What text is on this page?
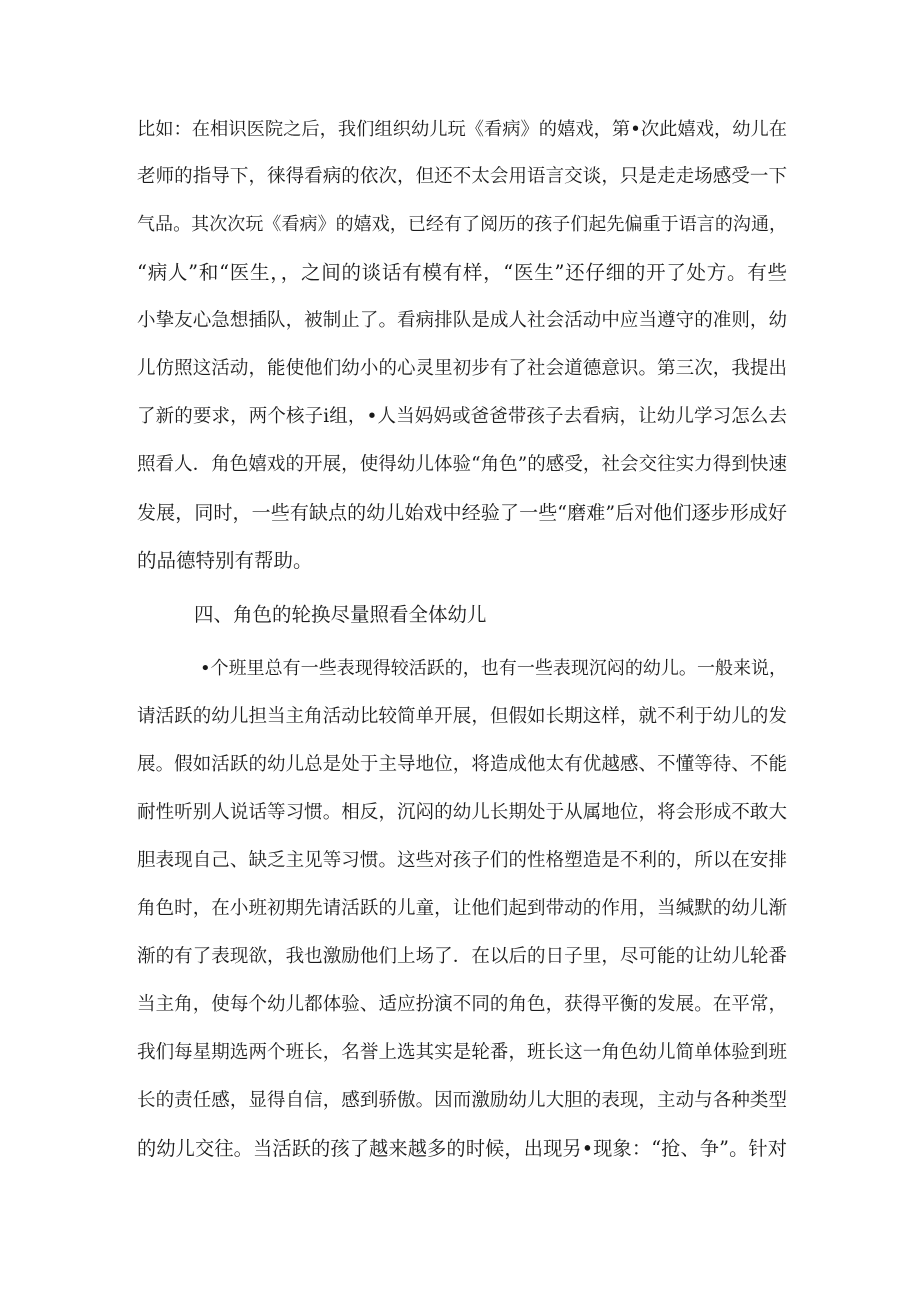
比如：在相识医院之后，我们组织幼儿玩《看病》的嬉戏，第•次此嬉戏，幼儿在
老师的指导下，徕得看病的依次，但还不太会用语言交谈，只是走走场感受一下
气品。其次次玩《看病》的嬉戏，已经有了阅历的孩子们起先偏重于语言的沟通，
“病人”和“医生，，之间的谈话有模有样，“医生”还仔细的开了处方。有些
小挚友心急想插队，被制止了。看病排队是成人社会活动中应当遵守的准则，幼
儿仿照这活动，能使他们幼小的心灵里初步有了社会道德意识。第三次，我提出
了新的要求，两个核子i组，•人当妈妈或爸爸带孩子去看病，让幼儿学习怎么去
照看人．角色嬉戏的开展，使得幼儿体验“角色”的感受，社会交往实力得到快速
发展，同时，一些有缺点的幼儿始戏中经验了一些“磨难”后对他们逐步形成好
的品德特别有帮助。
四、角色的轮换尽量照看全体幼儿
•个班里总有一些表现得较活跃的，也有一些表现沉闷的幼儿。一般来说，
请活跃的幼儿担当主角活动比较简单开展，但假如长期这样，就不利于幼儿的发
展。假如活跃的幼儿总是处于主导地位，将造成他太有优越感、不懂等待、不能
耐性听别人说话等习惯。相反，沉闷的幼儿长期处于从属地位，将会形成不敢大
胆表现自己、缺乏主见等习惯。这些对孩子们的性格塑造是不利的，所以在安排
角色时，在小班初期先请活跃的儿童，让他们起到带动的作用，当缄默的幼儿渐
渐的有了表现欲，我也激励他们上场了．在以后的日子里，尽可能的让幼儿轮番
当主角，使每个幼儿都体验、适应扮演不同的角色，获得平衡的发展。在平常，
我们每星期选两个班长，名誉上选其实是轮番，班长这一角色幼儿简单体验到班
长的责任感，显得自信，感到骄傲。因而激励幼儿大胆的表现，主动与各种类型
的幼儿交往。当活跃的孩了越来越多的时候，出现另•现象：“抢、争”。针对
